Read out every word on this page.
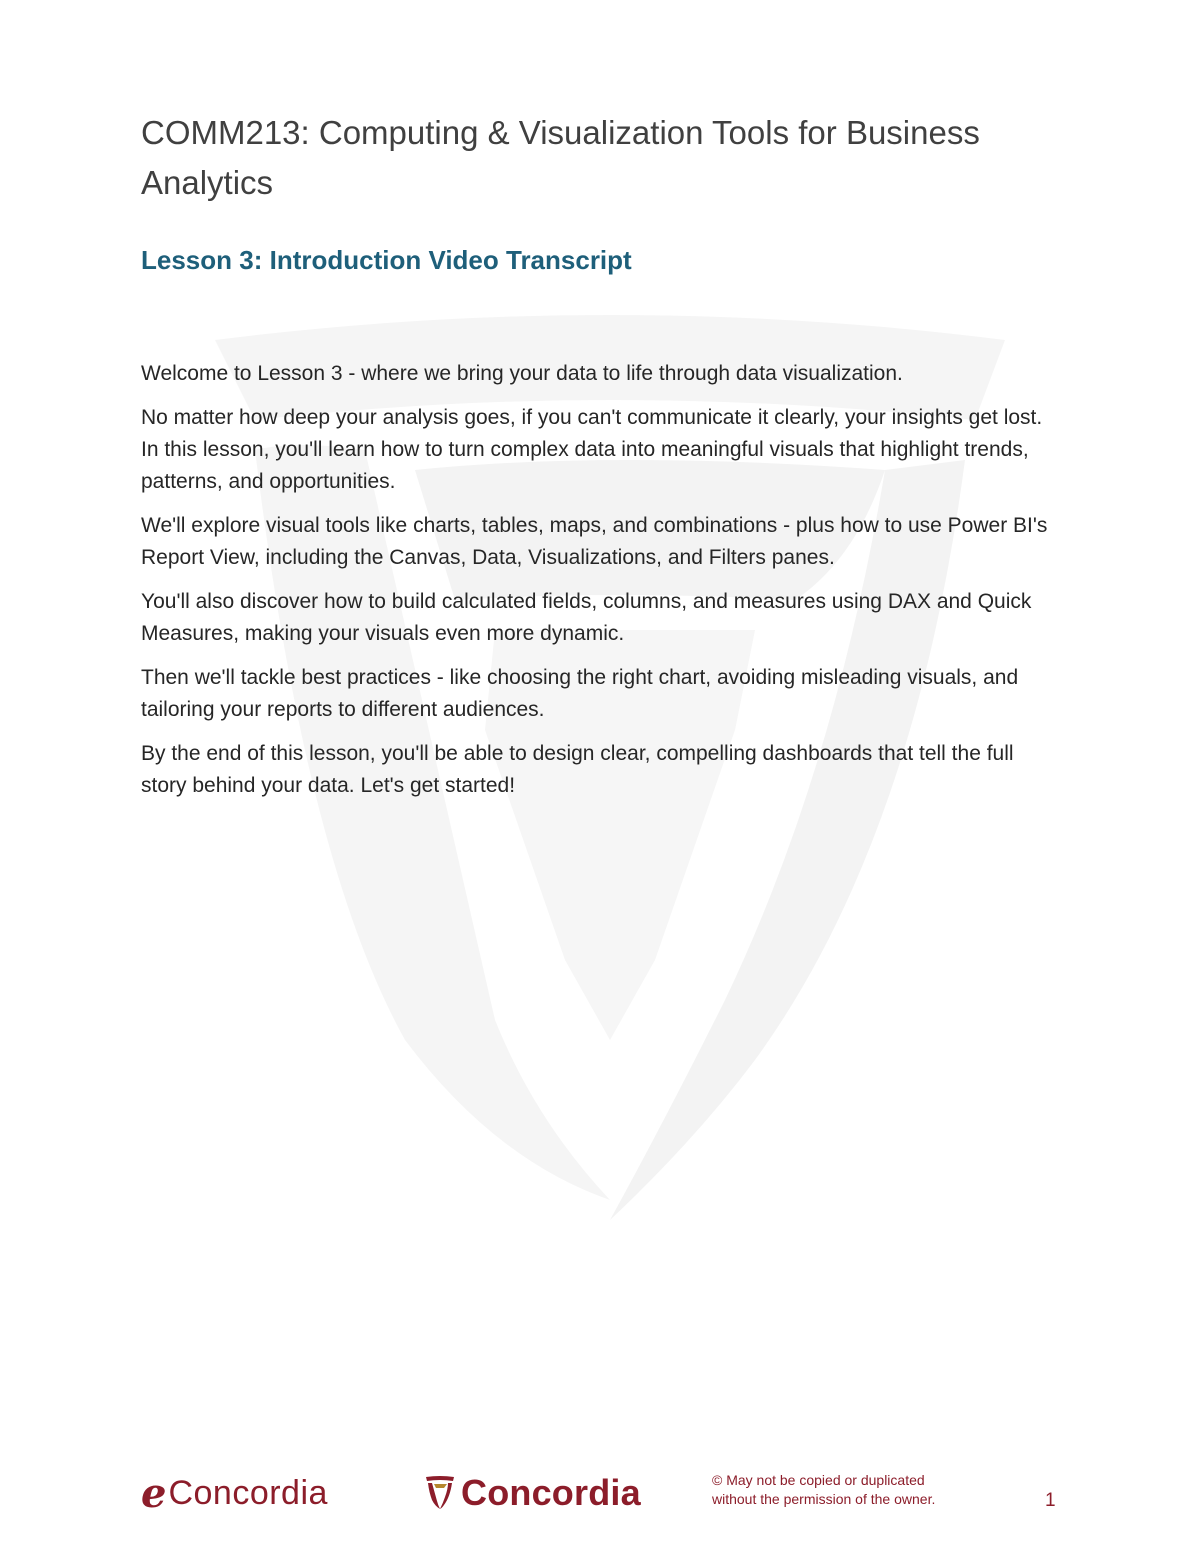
COMM213: Computing & Visualization Tools for Business Analytics
Lesson 3: Introduction Video Transcript

Welcome to Lesson 3 - where we bring your data to life through data visualization.

No matter how deep your analysis goes, if you can't communicate it clearly, your insights get lost. In this lesson, you'll learn how to turn complex data into meaningful visuals that highlight trends, patterns, and opportunities.

We'll explore visual tools like charts, tables, maps, and combinations - plus how to use Power BI's Report View, including the Canvas, Data, Visualizations, and Filters panes.

You'll also discover how to build calculated fields, columns, and measures using DAX and Quick Measures, making your visuals even more dynamic.

Then we'll tackle best practices - like choosing the right chart, avoiding misleading visuals, and tailoring your reports to different audiences.

By the end of this lesson, you'll be able to design clear, compelling dashboards that tell the full story behind your data. Let's get started!

e Concordia	Concordia	© May not be copied or duplicated
without the permission of the owner.	1
